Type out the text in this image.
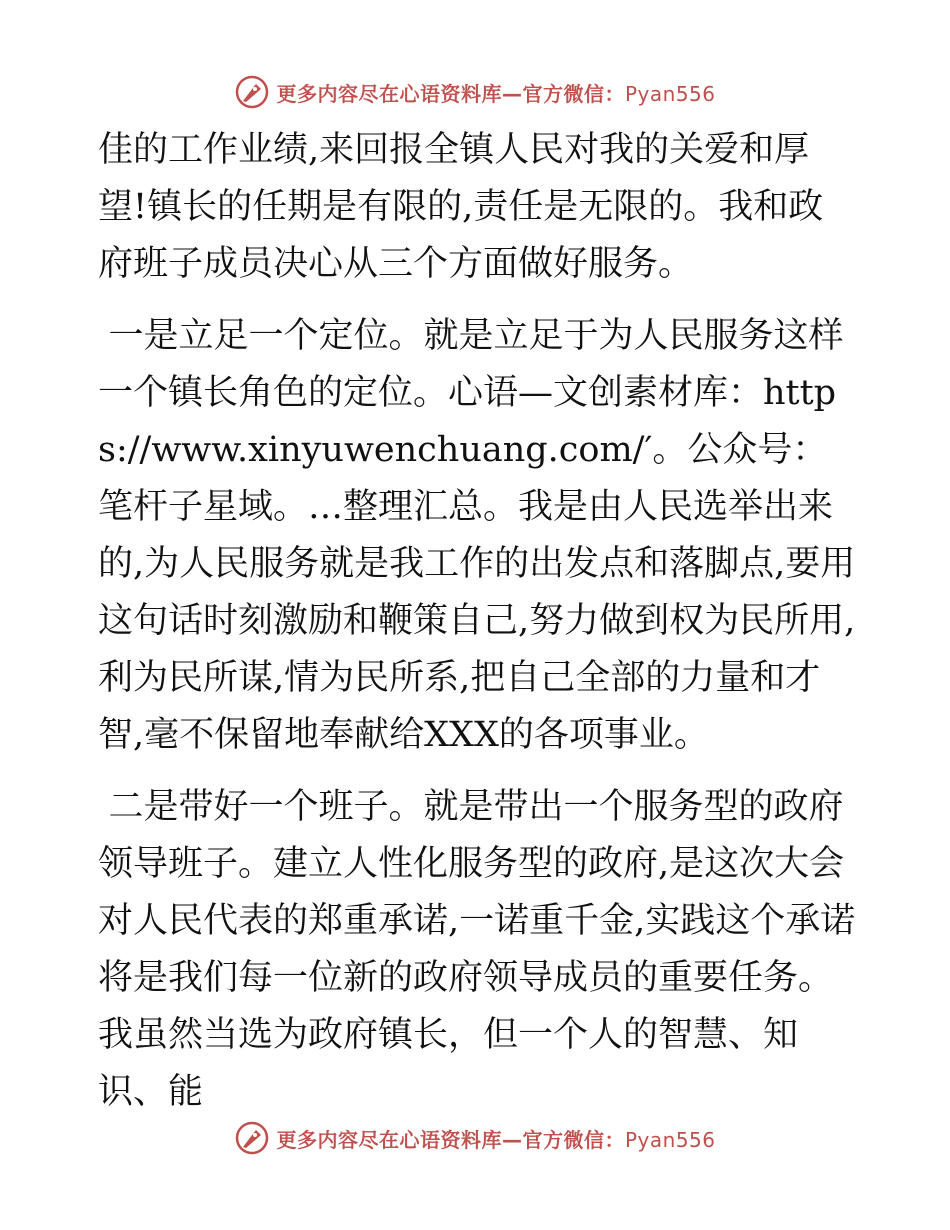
更多内容尽在心语资料库—官方微信：Pyan556

佳的工作业绩,来回报全镇人民对我的关爱和厚望!镇长的任期是有限的,责任是无限的。我和政府班子成员决心从三个方面做好服务。

一是立足一个定位。就是立足于为人民服务这样一个镇长角色的定位。心语—文创素材库：https://www.xinyuwenchuang.com/′。公众号：笔杆子星域。…整理汇总。我是由人民选举出来的,为人民服务就是我工作的出发点和落脚点,要用这句话时刻激励和鞭策自己,努力做到权为民所用,利为民所谋,情为民所系,把自己全部的力量和才智,毫不保留地奉献给XXX的各项事业。

二是带好一个班子。就是带出一个服务型的政府领导班子。建立人性化服务型的政府,是这次大会对人民代表的郑重承诺,一诺重千金,实践这个承诺将是我们每一位新的政府领导成员的重要任务。我虽然当选为政府镇长，但一个人的智慧、知识、能

更多内容尽在心语资料库—官方微信：Pyan556
